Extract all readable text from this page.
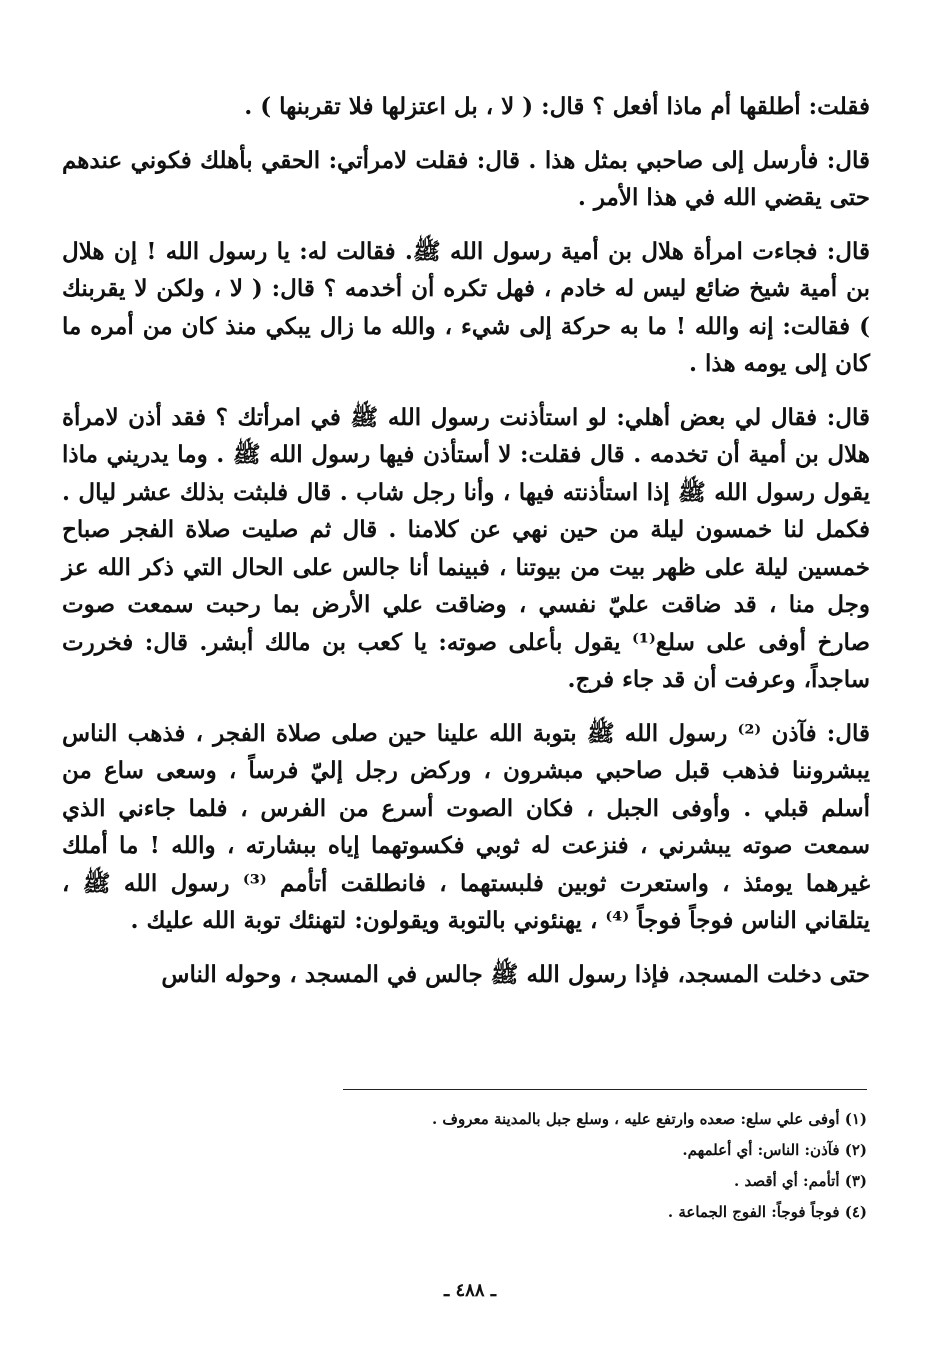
فقلت: أطلقها أم ماذا أفعل ؟ قال: ( لا ، بل اعتزلها فلا تقربنها ) .

قال: فأرسل إلى صاحبي بمثل هذا . قال: فقلت لامرأتي: الحقي بأهلك فكوني عندهم حتى يقضي الله في هذا الأمر .

قال: فجاءت امرأة هلال بن أمية رسول الله ﷺ. فقالت له: يا رسول الله ! إن هلال بن أمية شيخ ضائع ليس له خادم ، فهل تكره أن أخدمه ؟ قال: ( لا ، ولكن لا يقربنك ) فقالت: إنه والله ! ما به حركة إلى شيء ، والله ما زال يبكي منذ كان من أمره ما كان إلى يومه هذا .

قال: فقال لي بعض أهلي: لو استأذنت رسول الله ﷺ في امرأتك ؟ فقد أذن لامرأة هلال بن أمية أن تخدمه . قال فقلت: لا أستأذن فيها رسول الله ﷺ . وما يدريني ماذا يقول رسول الله ﷺ إذا استأذنته فيها ، وأنا رجل شاب . قال فلبثت بذلك عشر ليال . فكمل لنا خمسون ليلة من حين نهي عن كلامنا . قال ثم صليت صلاة الفجر صباح خمسين ليلة على ظهر بيت من بيوتنا ، فبينما أنا جالس على الحال التي ذكر الله عز وجل منا ، قد ضاقت عليّ نفسي ، وضاقت علي الأرض بما رحبت سمعت صوت صارخ أوفى على سلع⁽¹⁾ يقول بأعلى صوته: يا كعب بن مالك أبشر. قال: فخررت ساجداً، وعرفت أن قد جاء فرج.

قال: فآذن ⁽²⁾ رسول الله ﷺ بتوبة الله علينا حين صلى صلاة الفجر ، فذهب الناس يبشروننا فذهب قبل صاحبي مبشرون ، وركض رجل إليّ فرساً ، وسعى ساع من أسلم قبلي . وأوفى الجبل ، فكان الصوت أسرع من الفرس ، فلما جاءني الذي سمعت صوته يبشرني ، فنزعت له ثوبي فكسوتهما إياه ببشارته ، والله ! ما أملك غيرهما يومئذ ، واستعرت ثوبين فلبستهما ، فانطلقت أتأمم ⁽³⁾ رسول الله ﷺ ، يتلقاني الناس فوجاً فوجاً ⁽⁴⁾ ، يهنئوني بالتوبة ويقولون: لتهنئك توبة الله عليك .

حتى دخلت المسجد، فإذا رسول الله ﷺ جالس في المسجد ، وحوله الناس

(١) أوفى علي سلع: صعده وارتفع عليه ، وسلع جبل بالمدينة معروف .

(٢) فآذن: الناس: أي أعلمهم.

(٣) أتأمم: أي أقصد .

(٤) فوجاً فوجاً: الفوج الجماعة .

ـ ٤٨٨ ـ
